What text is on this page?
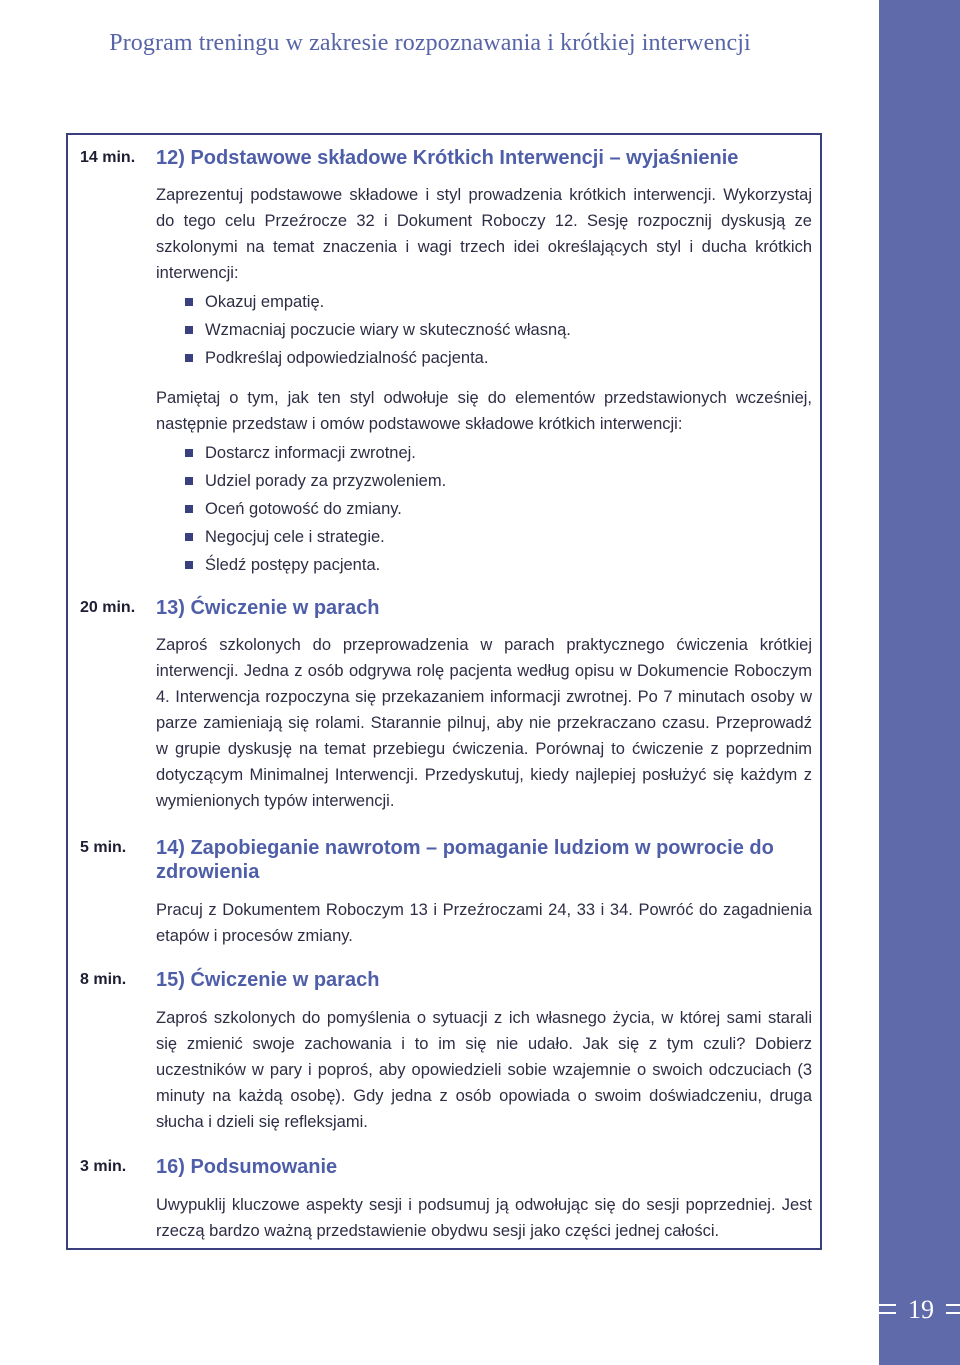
19
Program treningu w zakresie rozpoznawania i krótkiej interwencji
14 min.	12) Podstawowe składowe Krótkich Interwencji – wyjaśnienie
Zaprezentuj podstawowe składowe i styl prowadzenia krótkich interwencji. Wykorzystaj do tego celu Przeźrocze 32 i Dokument Roboczy 12. Sesję rozpocznij dyskusją ze szkolonymi na temat znaczenia i wagi trzech idei określających styl i ducha krótkich interwencji:
Okazuj empatię.
Wzmacniaj poczucie wiary w skuteczność własną.
Podkreślaj odpowiedzialność pacjenta.
Pamiętaj o tym, jak ten styl odwołuje się do elementów przedstawionych wcześniej, następnie przedstaw i omów podstawowe składowe krótkich interwencji:
Dostarcz informacji zwrotnej.
Udziel porady za przyzwoleniem.
Oceń gotowość do zmiany.
Negocjuj cele i strategie.
Śledź postępy pacjenta.
20 min.	13) Ćwiczenie w parach
Zaproś szkolonych do przeprowadzenia w parach praktycznego ćwiczenia krótkiej interwencji. Jedna z osób odgrywa rolę pacjenta według opisu w Dokumencie Roboczym 4. Interwencja rozpoczyna się przekazaniem informacji zwrotnej. Po 7 minutach osoby w parze zamieniają się rolami. Starannie pilnuj, aby nie przekraczano czasu. Przeprowadź w grupie dyskusję na temat przebiegu ćwiczenia. Porównaj to ćwiczenie z poprzednim dotyczącym Minimalnej Interwencji. Przedyskutuj, kiedy najlepiej posłużyć się każdym z wymienionych typów interwencji.
5 min.	14) Zapobieganie nawrotom – pomaganie ludziom w powrocie do zdrowienia
Pracuj z Dokumentem Roboczym 13 i Przeźroczami 24, 33 i 34. Powróć do zagadnienia etapów i procesów zmiany.
8 min.	15) Ćwiczenie w parach
Zaproś szkolonych do pomyślenia o sytuacji z ich własnego życia, w której sami starali się zmienić swoje zachowania i to im się nie udało. Jak się z tym czuli? Dobierz uczestników w pary i poproś, aby opowiedzieli sobie wzajemnie o swoich odczuciach (3 minuty na każdą osobę). Gdy jedna z osób opowiada o swoim doświadczeniu, druga słucha i dzieli się refleksjami.
3 min.	16) Podsumowanie
Uwypuklij kluczowe aspekty sesji i podsumuj ją odwołując się do sesji poprzedniej. Jest rzeczą bardzo ważną przedstawienie obydwu sesji jako części jednej całości.
